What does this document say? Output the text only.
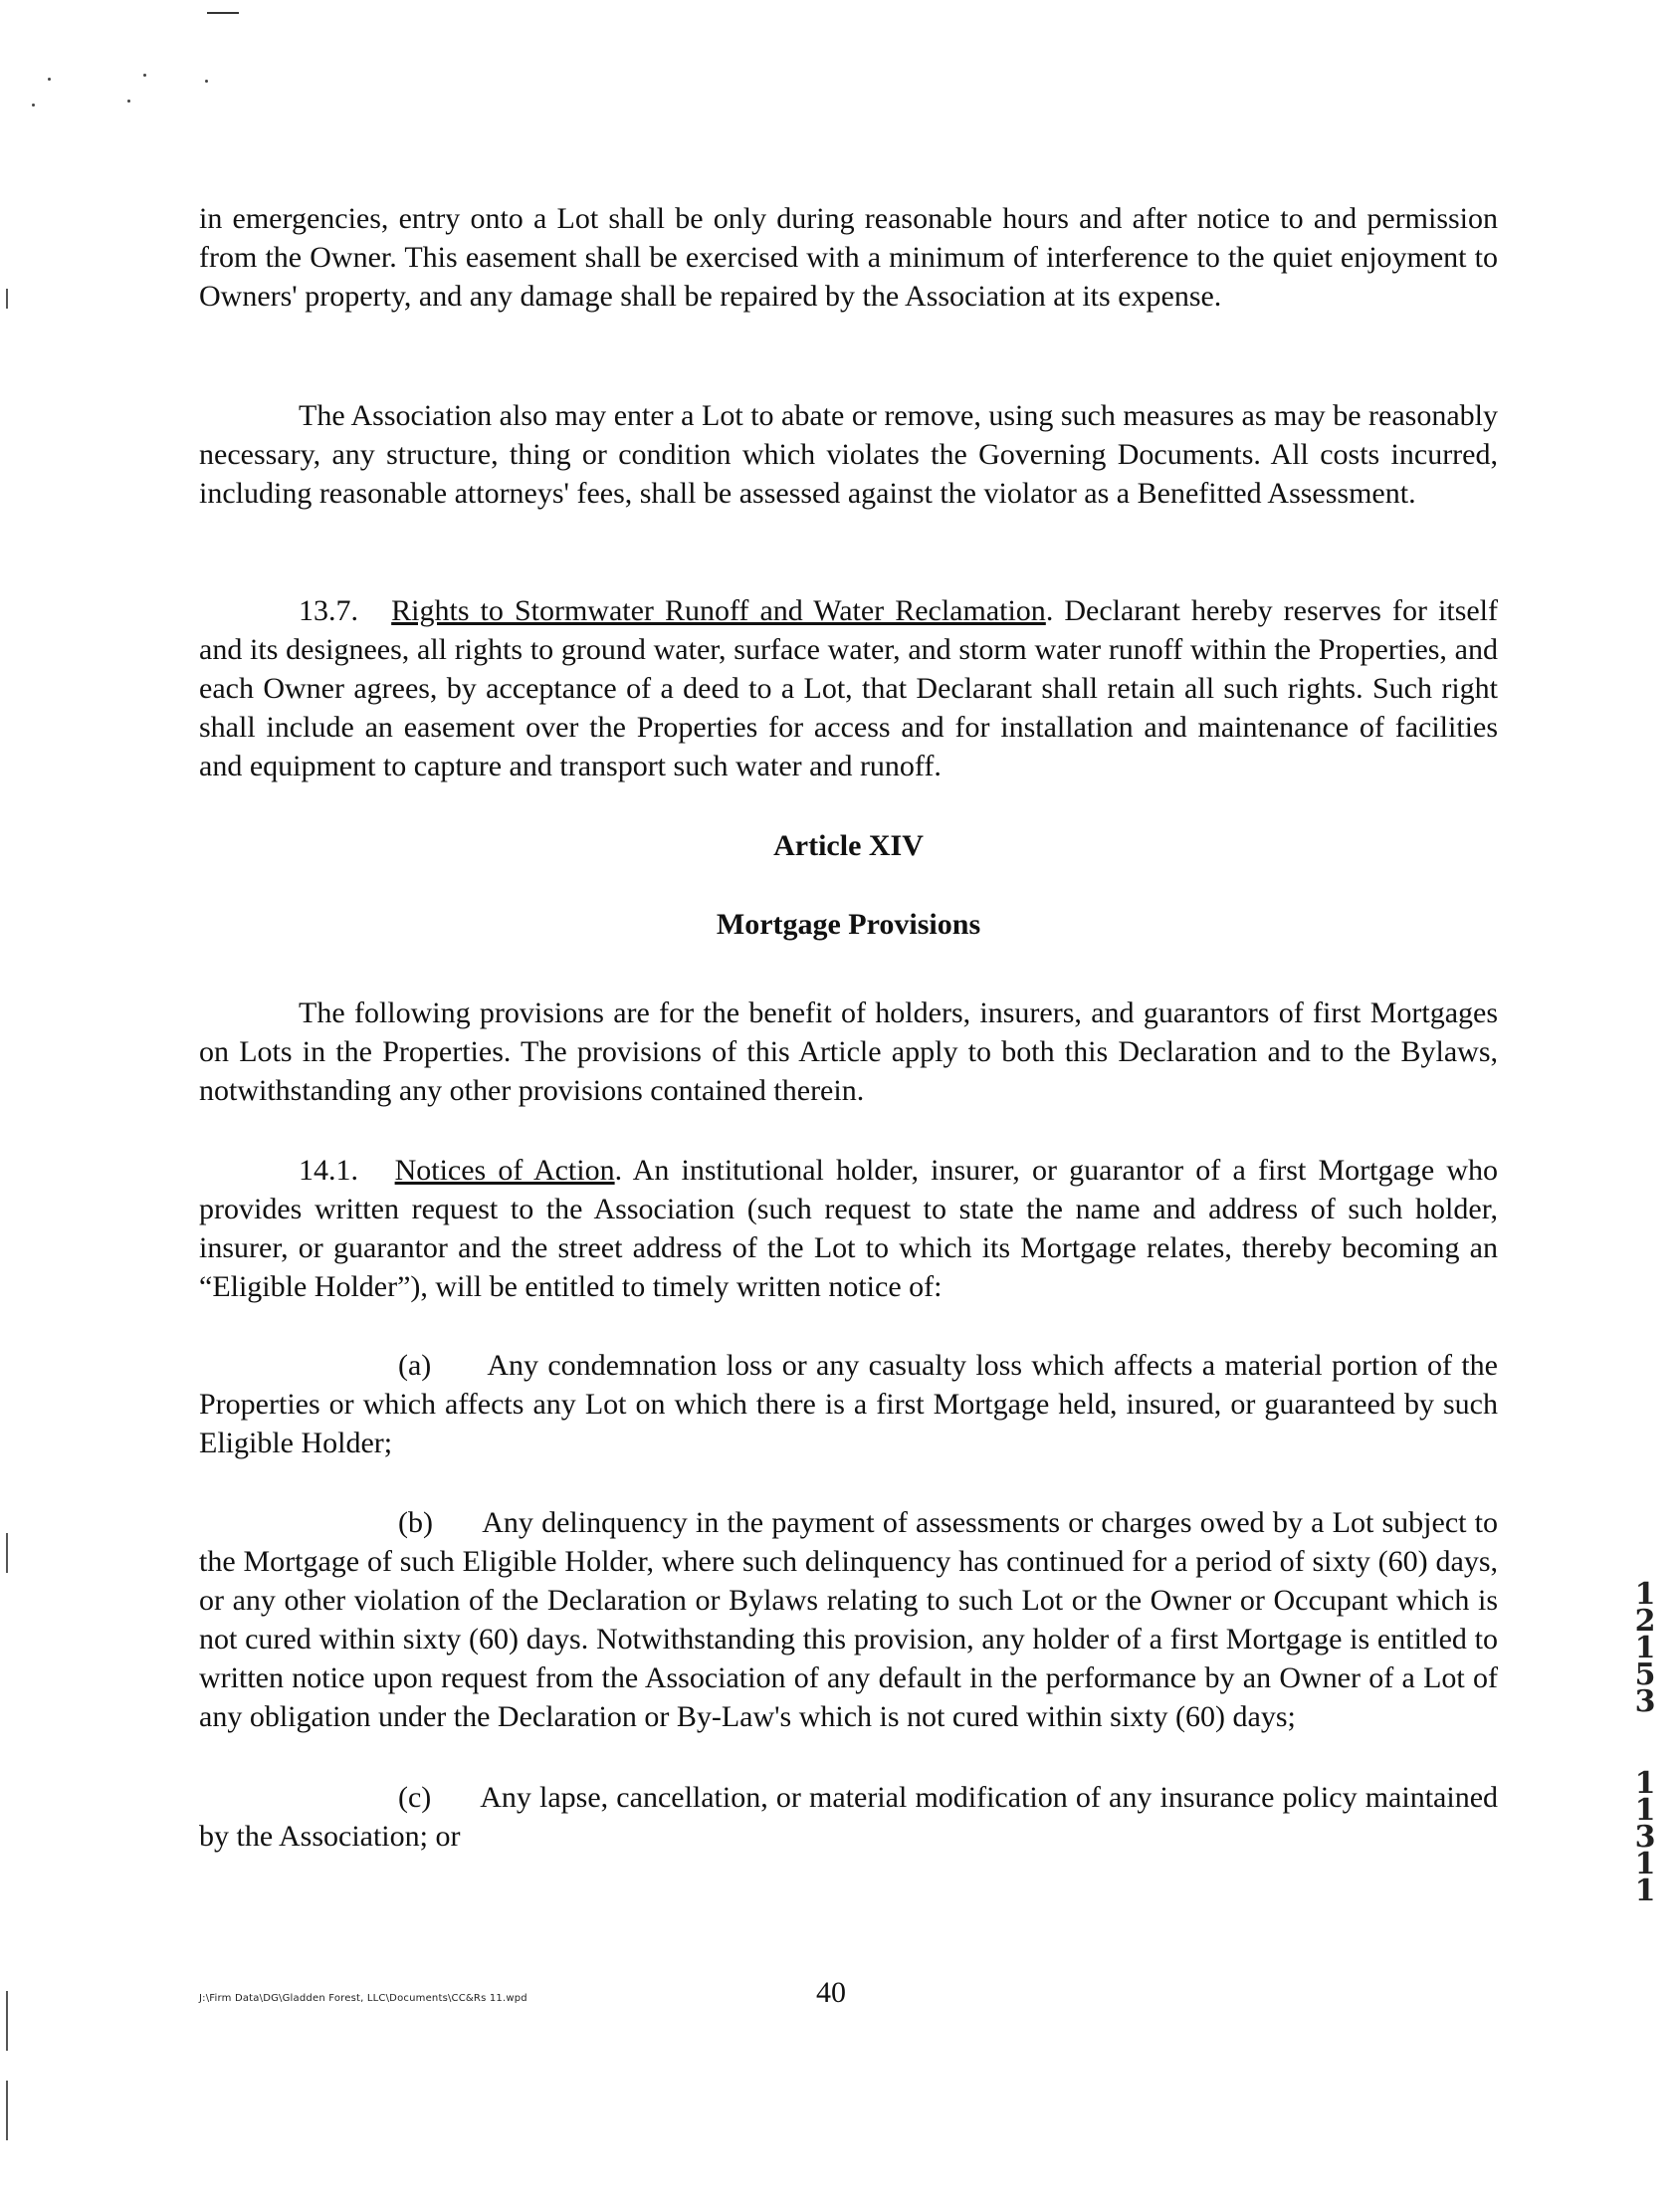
in emergencies, entry onto a Lot shall be only during reasonable hours and after notice to and permission from the Owner. This easement shall be exercised with a minimum of interference to the quiet enjoyment to Owners' property, and any damage shall be repaired by the Association at its expense.

The Association also may enter a Lot to abate or remove, using such measures as may be reasonably necessary, any structure, thing or condition which violates the Governing Documents. All costs incurred, including reasonable attorneys' fees, shall be assessed against the violator as a Benefitted Assessment.

13.7. Rights to Stormwater Runoff and Water Reclamation. Declarant hereby reserves for itself and its designees, all rights to ground water, surface water, and storm water runoff within the Properties, and each Owner agrees, by acceptance of a deed to a Lot, that Declarant shall retain all such rights. Such right shall include an easement over the Properties for access and for installation and maintenance of facilities and equipment to capture and transport such water and runoff.

Article XIV
Mortgage Provisions

The following provisions are for the benefit of holders, insurers, and guarantors of first Mortgages on Lots in the Properties. The provisions of this Article apply to both this Declaration and to the Bylaws, notwithstanding any other provisions contained therein.

14.1. Notices of Action. An institutional holder, insurer, or guarantor of a first Mortgage who provides written request to the Association (such request to state the name and address of such holder, insurer, or guarantor and the street address of the Lot to which its Mortgage relates, thereby becoming an “Eligible Holder”), will be entitled to timely written notice of:

(a) Any condemnation loss or any casualty loss which affects a material portion of the Properties or which affects any Lot on which there is a first Mortgage held, insured, or guaranteed by such Eligible Holder;

(b) Any delinquency in the payment of assessments or charges owed by a Lot subject to the Mortgage of such Eligible Holder, where such delinquency has continued for a period of sixty (60) days, or any other violation of the Declaration or Bylaws relating to such Lot or the Owner or Occupant which is not cured within sixty (60) days. Notwithstanding this provision, any holder of a first Mortgage is entitled to written notice upon request from the Association of any default in the performance by an Owner of a Lot of any obligation under the Declaration or By-Law's which is not cured within sixty (60) days;

(c) Any lapse, cancellation, or material modification of any insurance policy maintained by the Association; or

1
2
1
5
3
1
1
3
1
1
J:\Firm Data\DG\Gladden Forest, LLC\Documents\CC&Rs 11.wpd	40
